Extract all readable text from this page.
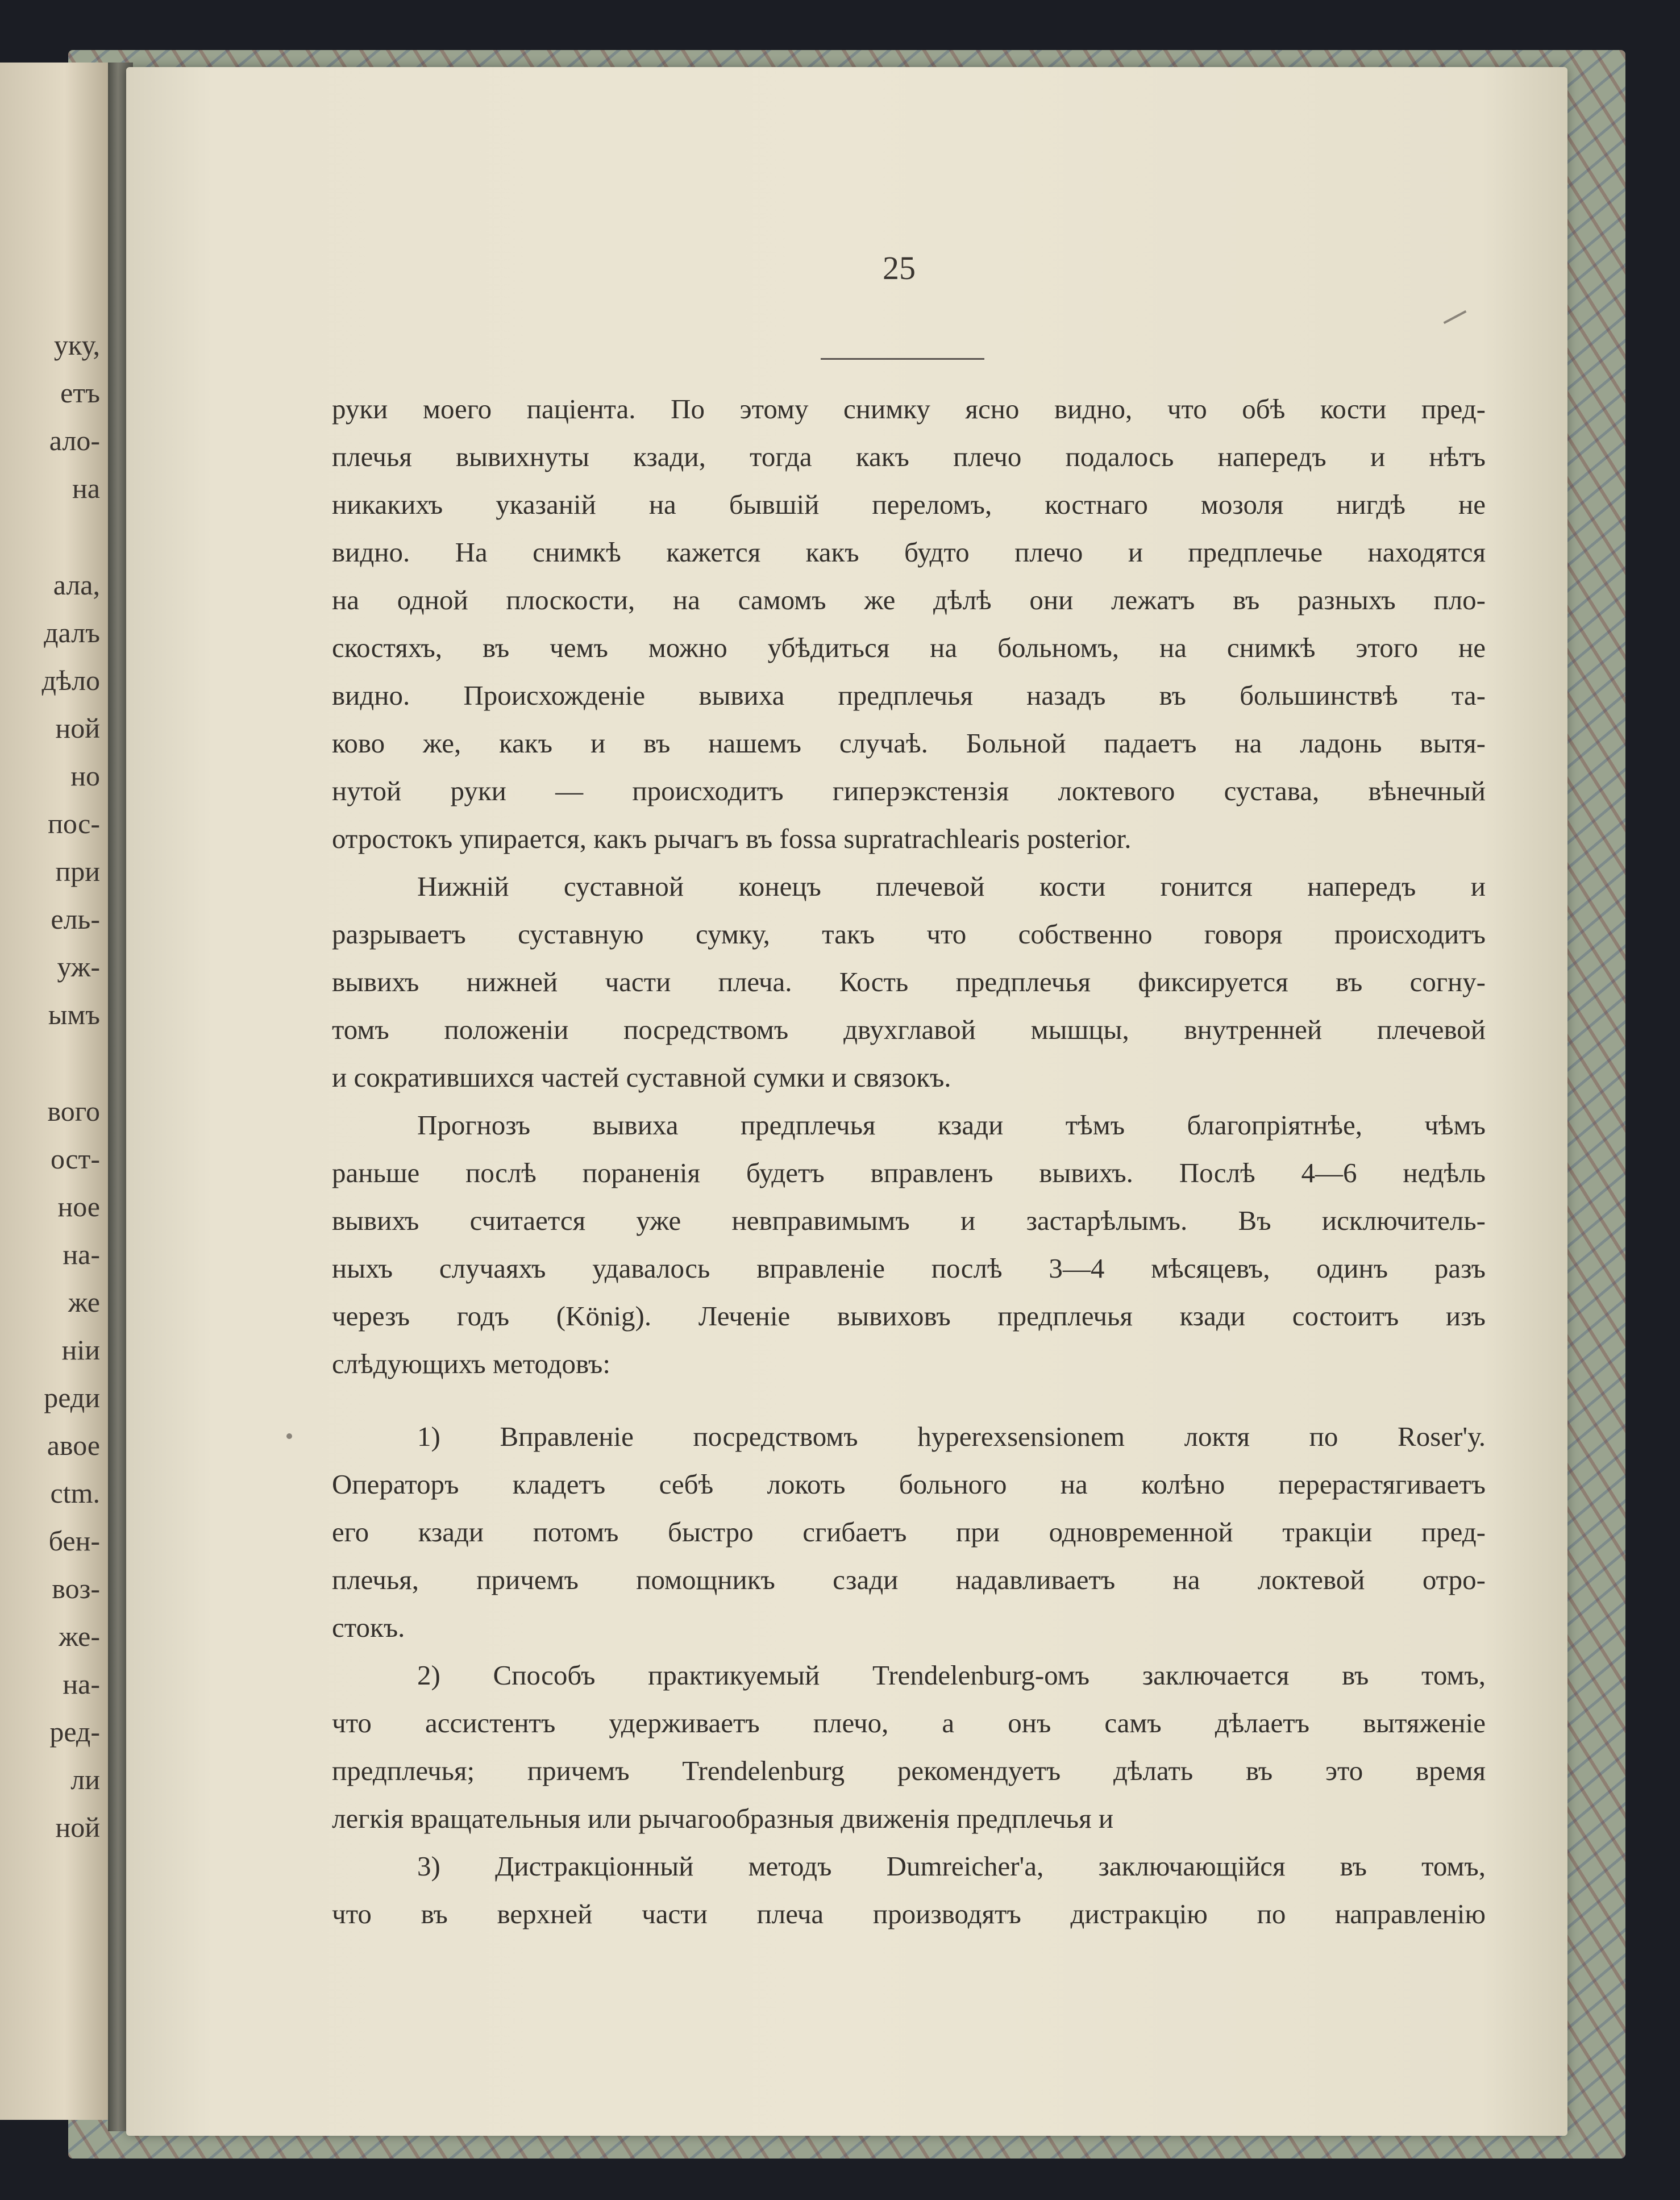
уку,
етъ
ало-
на
ала,
далъ
дѣло
ной
но
пос-
при
ель-
уж-
ымъ
вого
ост-
ное
на-
же
нiи
реди
авое
ctm.
бен-
воз-
же-
на-
ред-
ли
ной
25
руки моего паціента. По этому снимку ясно видно, что обѣ кости пред-
плечья вывихнуты кзади, тогда какъ плечо подалось напередъ и нѣтъ
никакихъ указаній на бывшій переломъ, костнаго мозоля нигдѣ не
видно. На снимкѣ кажется какъ будто плечо и предплечье находятся
на одной плоскости, на самомъ же дѣлѣ они лежатъ въ разныхъ пло-
скостяхъ, въ чемъ можно убѣдиться на больномъ, на снимкѣ этого не
видно. Происхожденіе вывиха предплечья назадъ въ большинствѣ та-
ково же, какъ и въ нашемъ случаѣ. Больной падаетъ на ладонь вытя-
нутой руки — происходитъ гиперэкстензія локтевого сустава, вѣнечный
отростокъ упирается, какъ рычагъ въ fossa supratrachlearis posterior.
Нижній суставной конецъ плечевой кости гонится напередъ и
разрываетъ суставную сумку, такъ что собственно говоря происходитъ
вывихъ нижней части плеча. Кость предплечья фиксируется въ согну-
томъ положеніи посредствомъ двухглавой мышцы, внутренней плечевой
и сократившихся частей суставной сумки и связокъ.
Прогнозъ вывиха предплечья кзади тѣмъ благопріятнѣе, чѣмъ
раньше послѣ пораненія будетъ вправленъ вывихъ. Послѣ 4—6 недѣль
вывихъ считается уже невправимымъ и застарѣлымъ. Въ исключитель-
ныхъ случаяхъ удавалось вправленіе послѣ 3—4 мѣсяцевъ, одинъ разъ
черезъ годъ (König). Леченіе вывиховъ предплечья кзади состоитъ изъ
слѣдующихъ методовъ:
1) Вправленіе посредствомъ hyperexsensionem локтя по Roser'у.
Операторъ кладетъ себѣ локоть больного на колѣно перерастягиваетъ
его кзади потомъ быстро сгибаетъ при одновременной тракціи пред-
плечья, причемъ помощникъ сзади надавливаетъ на локтевой отро-
стокъ.
2) Способъ практикуемый Trendelenburg-омъ заключается въ томъ,
что ассистентъ удерживаетъ плечо, а онъ самъ дѣлаетъ вытяженіе
предплечья; причемъ Trendelenburg рекомендуетъ дѣлать въ это время
легкія вращательныя или рычагообразныя движенія предплечья и
3) Дистракціонный методъ Dumreicher'а, заключающійся въ томъ,
что въ верхней части плеча производятъ дистракцію по направленію
